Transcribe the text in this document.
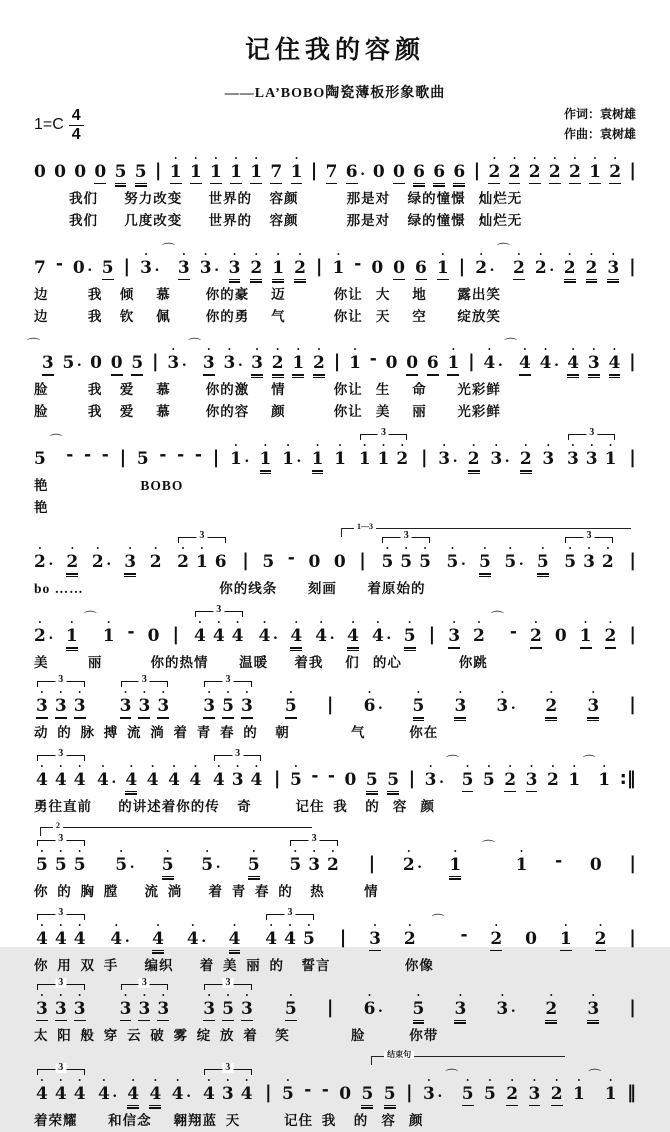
记住我的容颜
——LA’BOBO陶瓷薄板形象歌曲
$1=C \frac{4}{4}$	作词：袁树雄
作曲：袁树雄

0
0
0
0
5
5 |
•
1
•
1
•
1
•
1
•
1
7
•
1 |
7
6 .
0
0
6
6
6 |
•
2
•
2
•
2
•
2
•
2
•
1
•
2 |
我们      努力改变      世界的    容颜           那是对    绿的憧憬   灿烂无
我们      几度改变      世界的    容颜           那是对    绿的憧憬   灿烂无

7 -
0 .
5 |
•
3 .
⌒ •
3
•
3 .
•
3
•
2
•
1
•
2 |
•
1 -
0
0
6
•
1 |
•
2 .
⌒ •
2
•
2 .
•
2
•
2
•
3 |
边         我    倾     慕        你的豪     迈           你让   大     地       露出笑
边         我    钦     佩        你的勇     气           你让   天     空       绽放笑
⌒

3
5 .
0
0
5 |
•
3 .
⌒ •
3
•
3 .
•
3
•
2
•
1
•
2 |
•
1 -
0
0
6
•
1 |
•
4 .
⌒ •
4
•
4 .
•
4
•
3
•
4 |
脸         我    爱     慕        你的激     情           你让   生     命       光彩鲜
脸         我    爱     慕        你的容     颜           你让   美     丽       光彩鲜

5
⌒
- - - |
5 - - - |
•
1 .
•
1
•
1 .
•
1
•
1
3
•
1
•
1
•
2 |
•
3 .
•
2
•
3 .
•
2
•
3
3
•
3
•
3
•
1 |
艳                     BOBO
艳
1—3
•
2 .
•
2
•
2 .
•
3
•
2
3
•
2
•
1
6 |
5 -
0
0 |
3
•
5
•
5
•
5
•
5 .
•
5
•
5 .
•
5
3
•
5
•
3
•
2 |
bo ……                               你的线条       刻画       着原始的
•
2 .
•
1
⌒ •
1 -
0 |
3
•
4
•
4
•
4
•
4 .
•
4
•
4 .
•
4
•
4 .
•
5 |
•
3
•
2
⌒
- •
2
0
•
1
•
2 |
美         丽           你的热情       温暖      着我     们   的心             你跳
3
•
3
•
3
•
3
3
•
3
•
3
•
3
3
•
3
•
5
•
3
•
5 |
•
6 .
•
5
•
3
•
3 .
•
2
•
3 |
动  的  脉  搏  流  淌  着  青  春  的    朝              气          你在
3
•
4
•
4
•
4
•
4 .
•
4
•
4
•
4
•
4
3
•
4
•
3
•
4 |
•
5 - -
0
5
5 |
•
3 .
⌒ •
5
•
5
•
2
•
3
•
2
•
1
⌒ •
1 :‖
勇往直前      的讲述着你的传    奇          记住  我    的   容   颜
2
3
•
5
•
5
•
5
•
5 .
•
5
•
5 .
•
5
3
•
5
•
3
•
2 |
•
2 .
•
1
⌒	•
1 -
0 |
你  的  胸  膛      流  淌      着  青  春  的    热         情
3
•
4
•
4
•
4
•
4 .
•
4
•
4 .
•
4
3
•
4
•
4
•
5 |
•
3
•
2
⌒
-	•
2
0
•
1
•
2 |
你  用  双  手      编织      着  美  丽  的    誓言                 你像
3
•
3
•
3
•
3
3
•
3
•
3
•
3
3
•
3
•
5
•
3
•
5 |
•
6 .
•
5
•
3
•
3 .
•
2
•
3 |
太  阳  般  穿  云  破  雾  绽  放  着    笑              脸          你带
结束句
3
•
4
•
4
•
4
•
4 .
•
4
•
4
•
4 .
3
•
4
•
3
•
4 |
•
5 - -
0
5
5 |
•
3 .
⌒ •
5
•
5
•
2
•
3
•
2
•
1
⌒ •
1 ‖
着荣耀       和信念     翱翔蓝  天          记住  我    的   容   颜
